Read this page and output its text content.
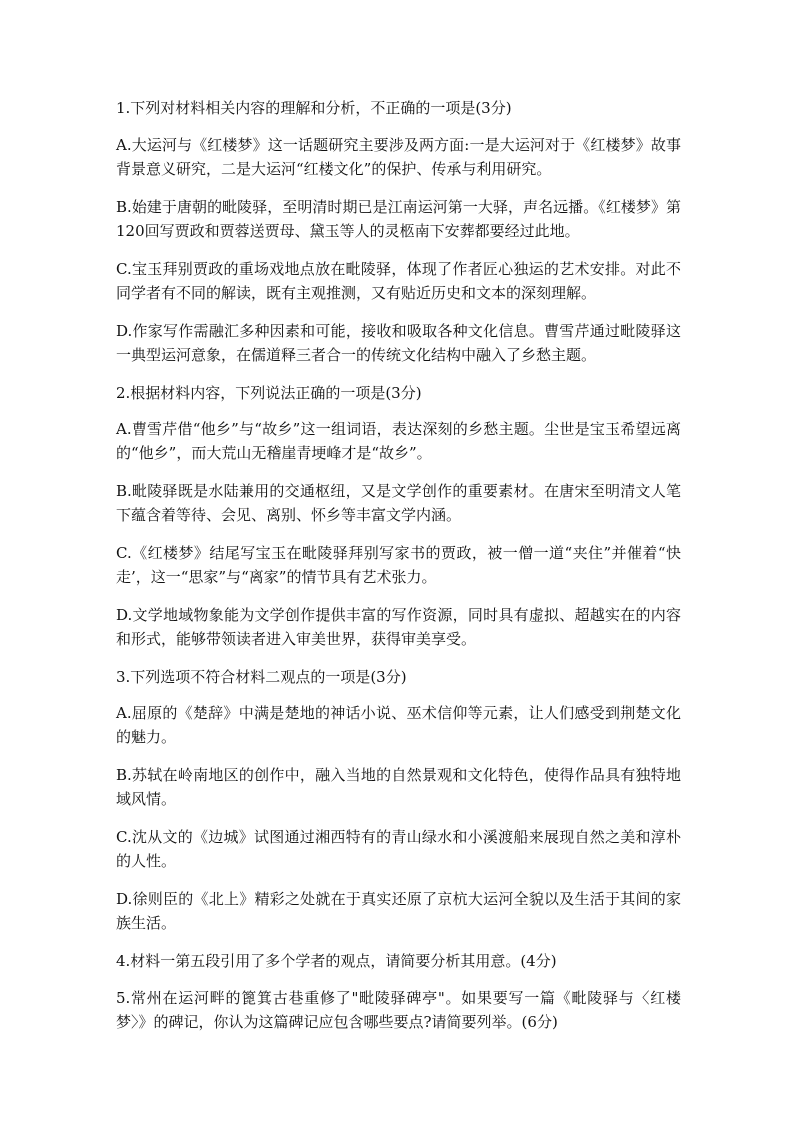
1.下列对材料相关内容的理解和分析，不正确的一项是(3分)

A.大运河与《红楼梦》这一话题研究主要涉及两方面:一是大运河对于《红楼梦》故事背景意义研究，二是大运河“红楼文化”的保护、传承与利用研究。

B.始建于唐朝的毗陵驿，至明清时期已是江南运河第一大驿，声名远播。《红楼梦》第120回写贾政和贾蓉送贾母、黛玉等人的灵柩南下安葬都要经过此地。

C.宝玉拜别贾政的重场戏地点放在毗陵驿，体现了作者匠心独运的艺术安排。对此不同学者有不同的解读，既有主观推测，又有贴近历史和文本的深刻理解。

D.作家写作需融汇多种因素和可能，接收和吸取各种文化信息。曹雪芹通过毗陵驿这一典型运河意象，在儒道释三者合一的传统文化结构中融入了乡愁主题。

2.根据材料内容，下列说法正确的一项是(3分)

A.曹雪芹借“他乡”与“故乡”这一组词语，表达深刻的乡愁主题。尘世是宝玉希望远离的“他乡”，而大荒山无稽崖青埂峰才是“故乡”。

B.毗陵驿既是水陆兼用的交通枢纽，又是文学创作的重要素材。在唐宋至明清文人笔下蕴含着等待、会见、离别、怀乡等丰富文学内涵。

C.《红楼梦》结尾写宝玉在毗陵驿拜别写家书的贾政，被一僧一道“夹住”并催着“快走’，这一“思家”与“离家”的情节具有艺术张力。

D.文学地域物象能为文学创作提供丰富的写作资源，同时具有虚拟、超越实在的内容和形式，能够带领读者进入审美世界，获得审美享受。

3.下列选项不符合材料二观点的一项是(3分)

A.屈原的《楚辞》中满是楚地的神话小说、巫术信仰等元素，让人们感受到荆楚文化的魅力。

B.苏轼在岭南地区的创作中，融入当地的自然景观和文化特色，使得作品具有独特地域风情。

C.沈从文的《边城》试图通过湘西特有的青山绿水和小溪渡船来展现自然之美和淳朴的人性。

D.徐则臣的《北上》精彩之处就在于真实还原了京杭大运河全貌以及生活于其间的家族生活。

4.材料一第五段引用了多个学者的观点，请简要分析其用意。(4分)

5.常州在运河畔的篦箕古巷重修了"毗陵驿碑亭"。如果要写一篇《毗陵驿与〈红楼梦〉》的碑记，你认为这篇碑记应包含哪些要点?请简要列举。(6分)
